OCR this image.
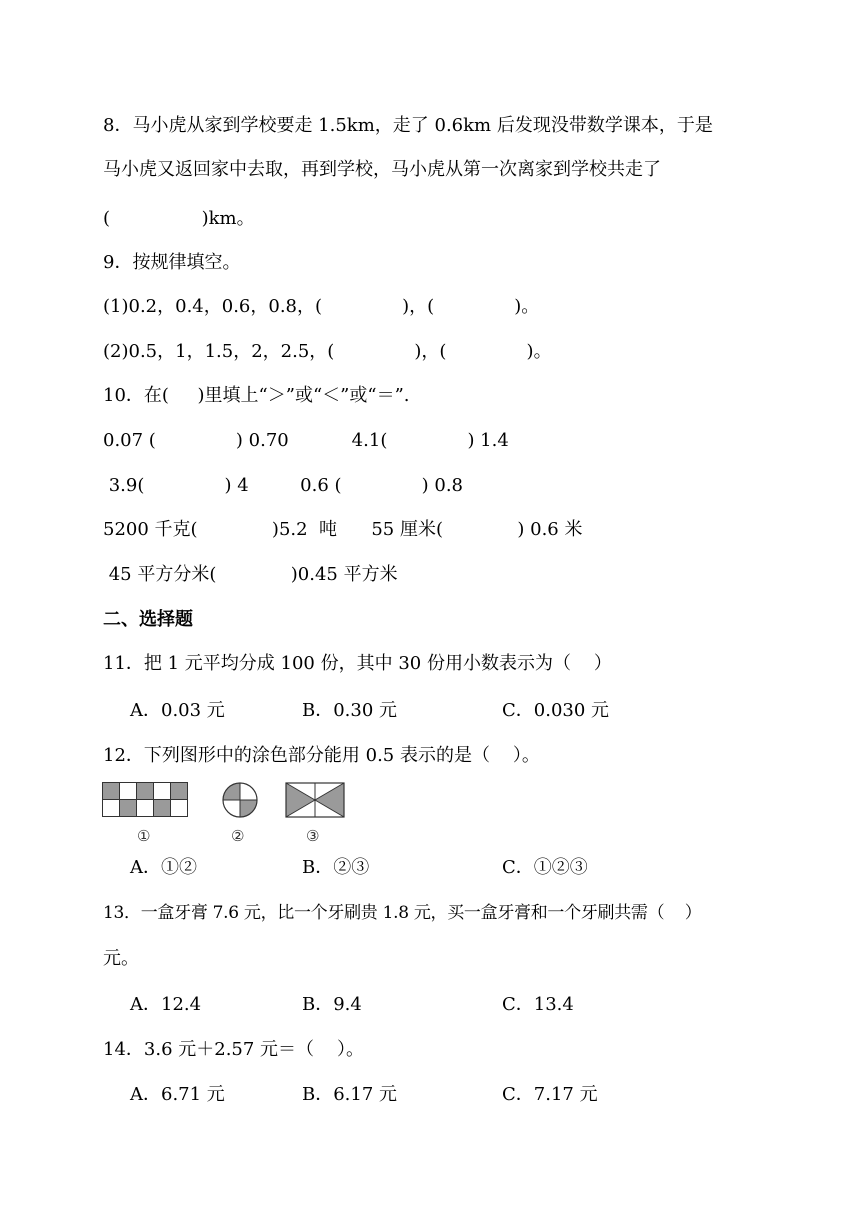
8．马小虎从家到学校要走 1.5km，走了 0.6km 后发现没带数学课本，于是
马小虎又返回家中去取，再到学校，马小虎从第一次离家到学校共走了
(                )km。
9．按规律填空。
(1)0.2，0.4，0.6，0.8，(              )，(              )。
(2)0.5，1，1.5，2，2.5，(              )，(              )。
10．在(     )里填上“＞”或“＜”或“＝”.
0.07 (              ) 0.70           4.1(              ) 1.4
3.9(              ) 4         0.6 (              ) 0.8
5200 千克(             )5.2  吨      55 厘米(             ) 0.6 米
45 平方分米(             )0.45 平方米
二、选择题
11．把 1 元平均分成 100 份，其中 30 份用小数表示为（    ）
A．0.03 元	B．0.30 元	C．0.030 元
12．下列图形中的涂色部分能用 0.5 表示的是（    ）。
①	②	③
A．①②	B．②③	C．①②③
13．一盒牙膏 7.6 元，比一个牙刷贵 1.8 元，买一盒牙膏和一个牙刷共需（    ）
元。
A．12.4	B．9.4	C．13.4
14．3.6 元＋2.57 元＝（    ）。
A．6.71 元	B．6.17 元	C．7.17 元
